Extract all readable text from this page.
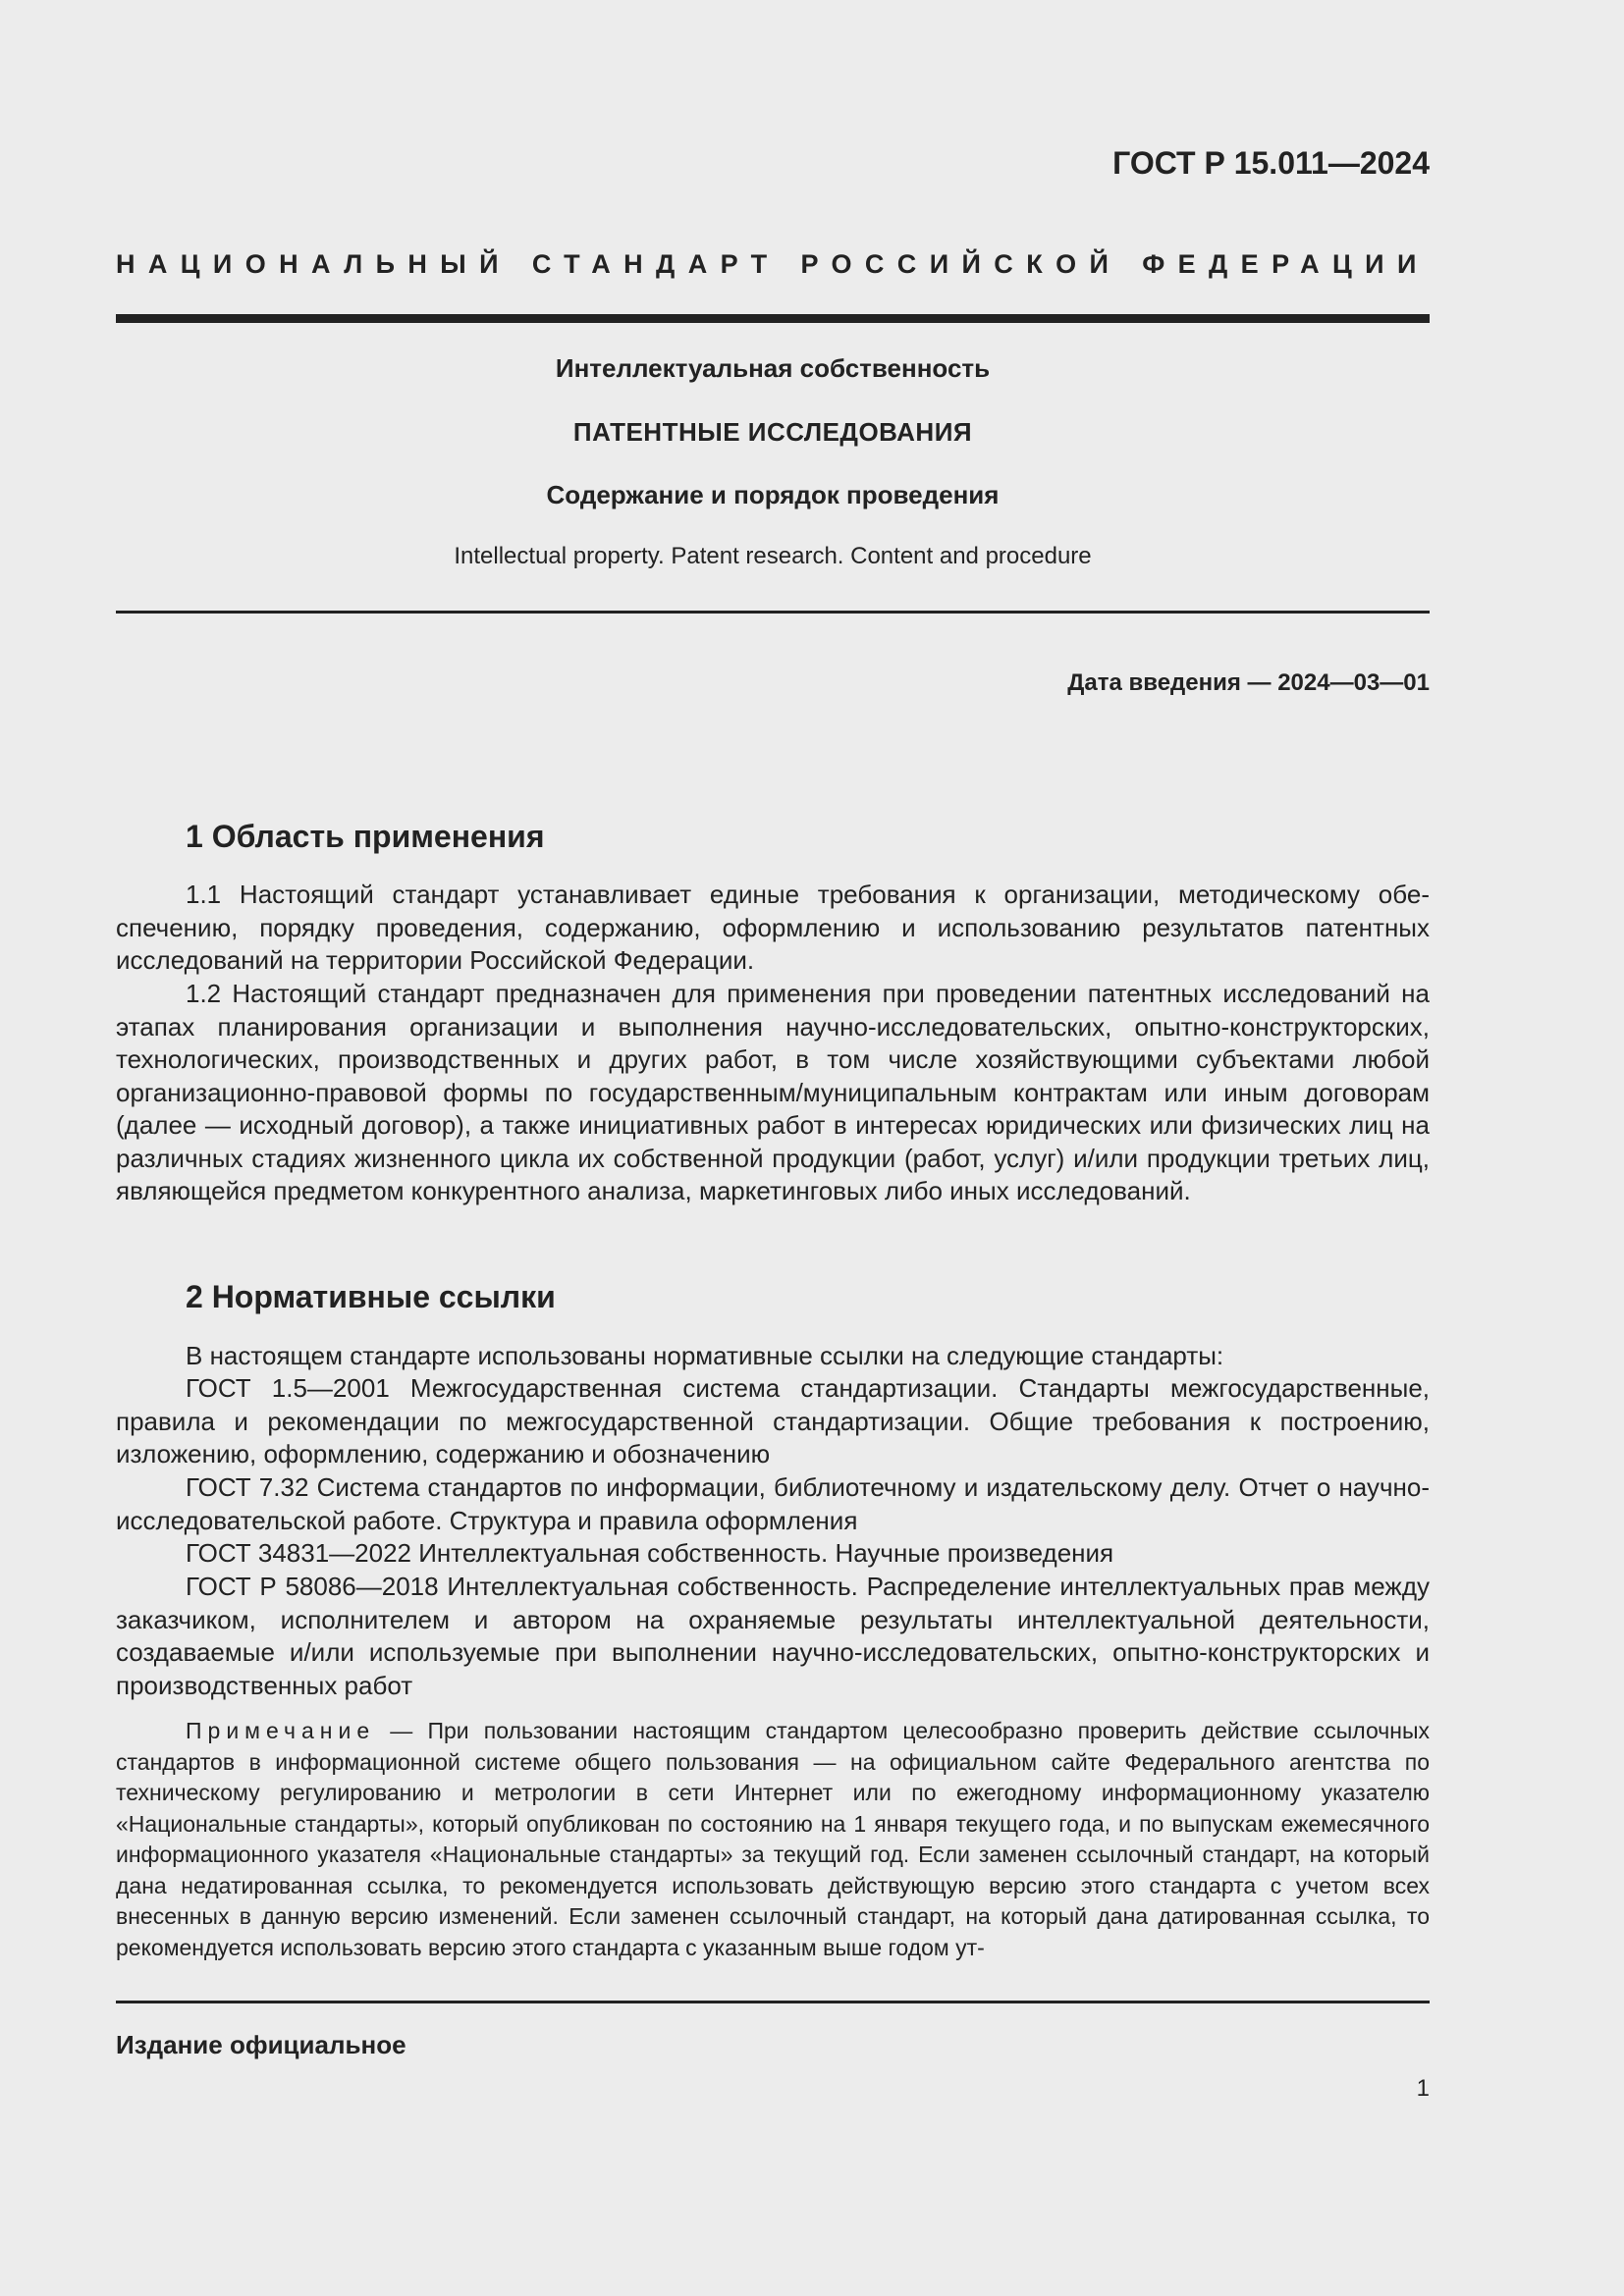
ГОСТ Р 15.011—2024
НАЦИОНАЛЬНЫЙ СТАНДАРТ РОССИЙСКОЙ ФЕДЕРАЦИИ
Интеллектуальная собственность
ПАТЕНТНЫЕ ИССЛЕДОВАНИЯ
Содержание и порядок проведения
Intellectual property. Patent research. Content and procedure
Дата введения — 2024—03—01
1 Область применения

1.1 Настоящий стандарт устанавливает единые требования к организации, методическому обеспечению, порядку проведения, содержанию, оформлению и использованию результатов патентных исследований на территории Российской Федерации.

1.2 Настоящий стандарт предназначен для применения при проведении патентных исследований на этапах планирования организации и выполнения научно-исследовательских, опытно-конструкторских, технологических, производственных и других работ, в том числе хозяйствующими субъектами любой организационно-правовой формы по государственным/муниципальным контрактам или иным договорам (далее — исходный договор), а также инициативных работ в интересах юридических или физических лиц на различных стадиях жизненного цикла их собственной продукции (работ, услуг) и/или продукции третьих лиц, являющейся предметом конкурентного анализа, маркетинговых либо иных исследований.

2 Нормативные ссылки

В настоящем стандарте использованы нормативные ссылки на следующие стандарты:

ГОСТ 1.5—2001 Межгосударственная система стандартизации. Стандарты межгосударственные, правила и рекомендации по межгосударственной стандартизации. Общие требования к построению, изложению, оформлению, содержанию и обозначению

ГОСТ 7.32 Система стандартов по информации, библиотечному и издательскому делу. Отчет о научно-исследовательской работе. Структура и правила оформления

ГОСТ 34831—2022 Интеллектуальная собственность. Научные произведения

ГОСТ Р 58086—2018 Интеллектуальная собственность. Распределение интеллектуальных прав между заказчиком, исполнителем и автором на охраняемые результаты интеллектуальной деятельности, создаваемые и/или используемые при выполнении научно-исследовательских, опытно-конструкторских и производственных работ

Примечание — При пользовании настоящим стандартом целесообразно проверить действие ссылочных стандартов в информационной системе общего пользования — на официальном сайте Федерального агентства по техническому регулированию и метрологии в сети Интернет или по ежегодному информационному указателю «Национальные стандарты», который опубликован по состоянию на 1 января текущего года, и по выпускам ежемесячного информационного указателя «Национальные стандарты» за текущий год. Если заменен ссылочный стандарт, на который дана недатированная ссылка, то рекомендуется использовать действующую версию этого стандарта с учетом всех внесенных в данную версию изменений. Если заменен ссылочный стандарт, на который дана датированная ссылка, то рекомендуется использовать версию этого стандарта с указанным выше годом ут-

Издание официальное
1
